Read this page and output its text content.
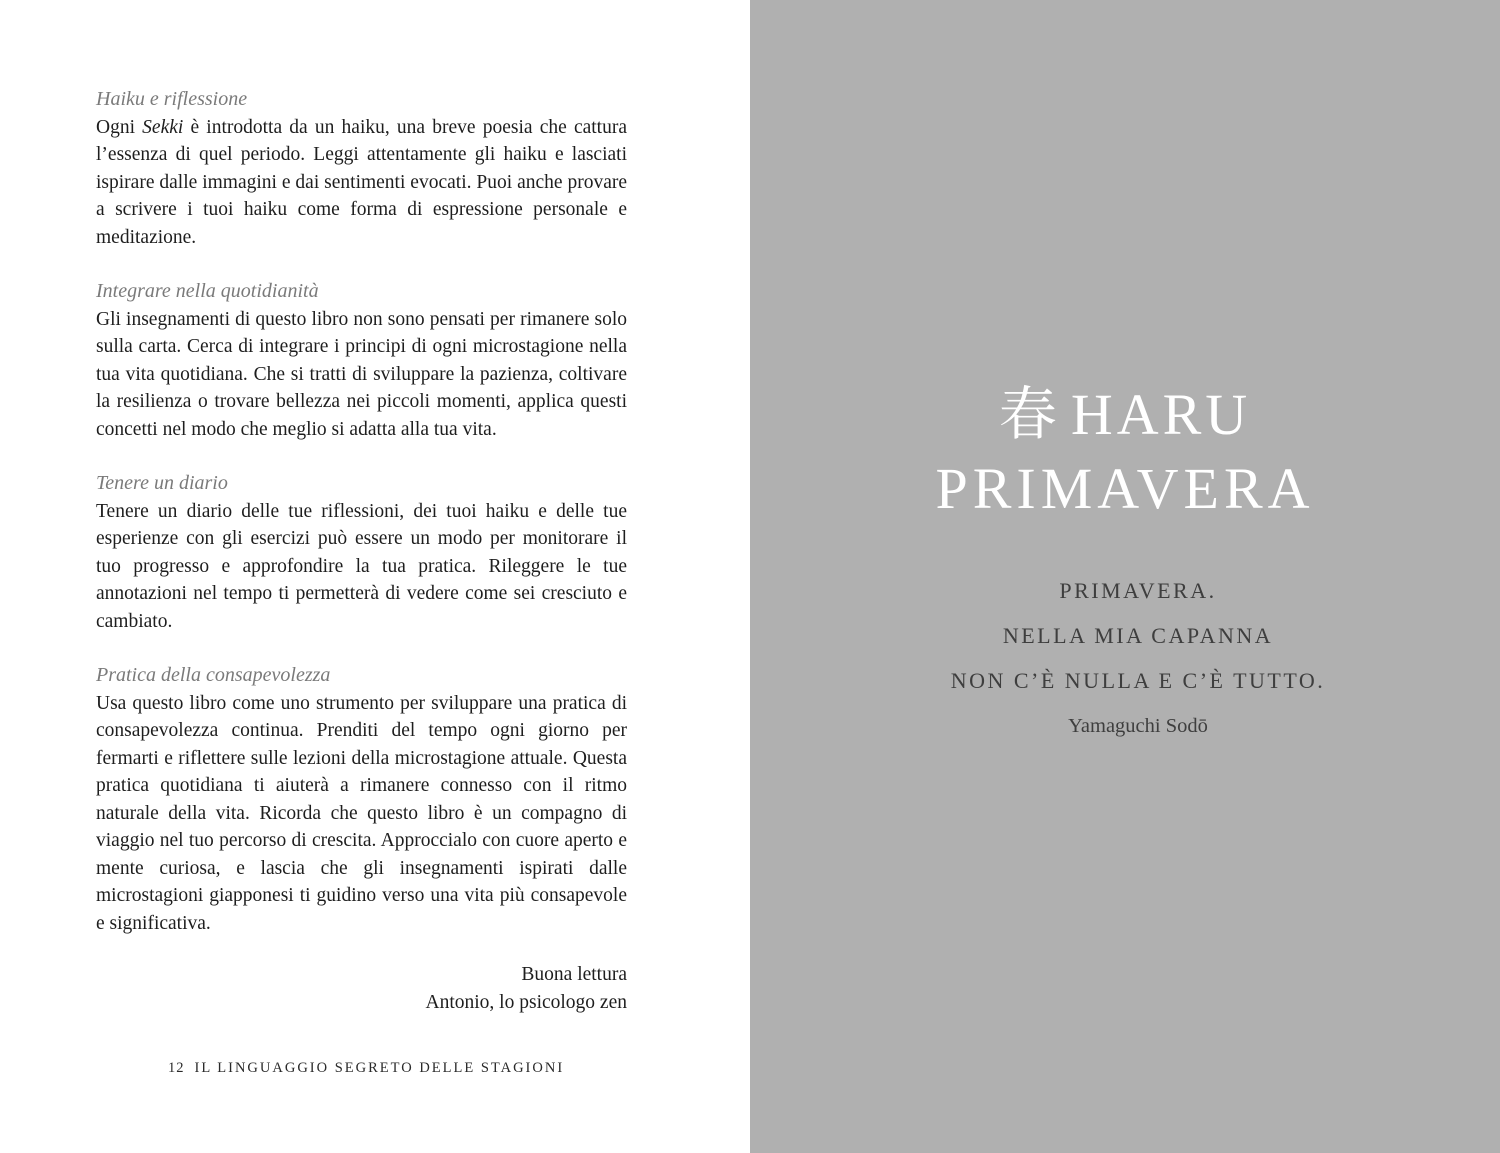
Haiku e riflessione

Ogni Sekki è introdotta da un haiku, una breve poesia che cattura l’essenza di quel periodo. Leggi attentamente gli haiku e lasciati ispirare dalle immagini e dai sentimenti evocati. Puoi anche provare a scrivere i tuoi haiku come forma di espressione personale e meditazione.

Integrare nella quotidianità

Gli insegnamenti di questo libro non sono pensati per rimanere solo sulla carta. Cerca di integrare i principi di ogni microstagione nella tua vita quotidiana. Che si tratti di sviluppare la pazienza, coltivare la resilienza o trovare bellezza nei piccoli momenti, applica questi concetti nel modo che meglio si adatta alla tua vita.

Tenere un diario

Tenere un diario delle tue riflessioni, dei tuoi haiku e delle tue esperienze con gli esercizi può essere un modo per monitorare il tuo progresso e approfondire la tua pratica. Rileggere le tue annotazioni nel tempo ti permetterà di vedere come sei cresciuto e cambiato.

Pratica della consapevolezza

Usa questo libro come uno strumento per sviluppare una pratica di consapevolezza continua. Prenditi del tempo ogni giorno per fermarti e riflettere sulle lezioni della microstagione attuale. Questa pratica quotidiana ti aiuterà a rimanere connesso con il ritmo naturale della vita. Ricorda che questo libro è un compagno di viaggio nel tuo percorso di crescita. Approccialo con cuore aperto e mente curiosa, e lascia che gli insegnamenti ispirati dalle microstagioni giapponesi ti guidino verso una vita più consapevole e significativa.

Buona lettura
Antonio, lo psicologo zen
12 IL LINGUAGGIO SEGRETO DELLE STAGIONI
春 HARU
PRIMAVERA
PRIMAVERA.
NELLA MIA CAPANNA
NON C’È NULLA E C’È TUTTO.
Yamaguchi Sodō
